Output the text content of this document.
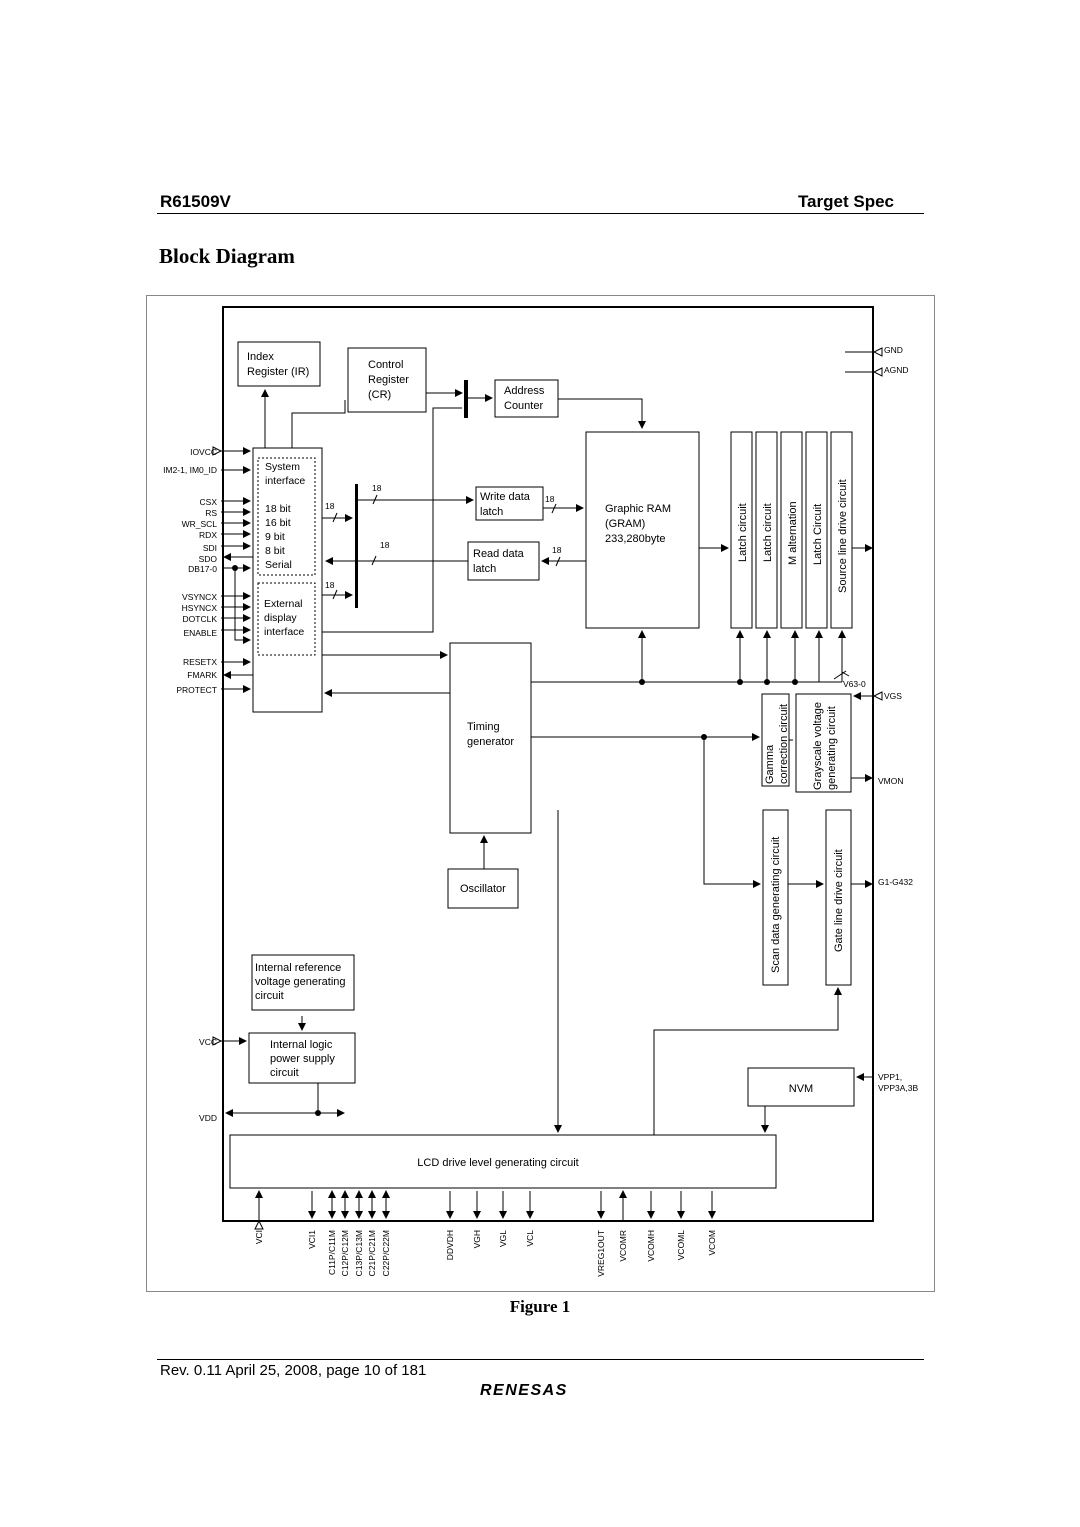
R61509V	Target Spec
Block Diagram
Index
Register (IR)
Control
Register
(CR)	Address
Counter
System
interface
18 bit
16 bit
9 bit
8 bit
Serial
External
display
interface
Write data
latch
Read data
latch
Graphic RAM
(GRAM)
233,280byte	Latch circuit Latch circuit M alternation Latch Circuit Source line drive circuit
Timing
generator
Oscillator
Gamma correction circuit Grayscale voltage generating circuit
Scan data generating circuit	Gate line drive circuit
Internal reference
voltage generating
circuit
Internal logic
power supply
circuit
NVM
LCD drive level generating circuit
18
18
18
18	18
18
V63-0
IOVCC
IM2-1, IM0_ID
CSX
RS
WR_SCL
RDX
SDI
SDO
DB17-0
VSYNCX
HSYNCX
DOTCLK
ENABLE
RESETX
FMARK
PROTECT
VCC
VDD
GND
AGND
VGS
VMON
G1-G432
VPP1,
VPP3A,3B
VCI	VCI1 C11P/C11M C12P/C12M C13P/C13M C21P/C21M C22P/C22M	DDVDH VGH VGL VCL	VREG1OUT VCOMR VCOMH VCOML VCOM
Figure 1
Rev. 0.11 April 25, 2008, page 10 of 181
RENESAS
